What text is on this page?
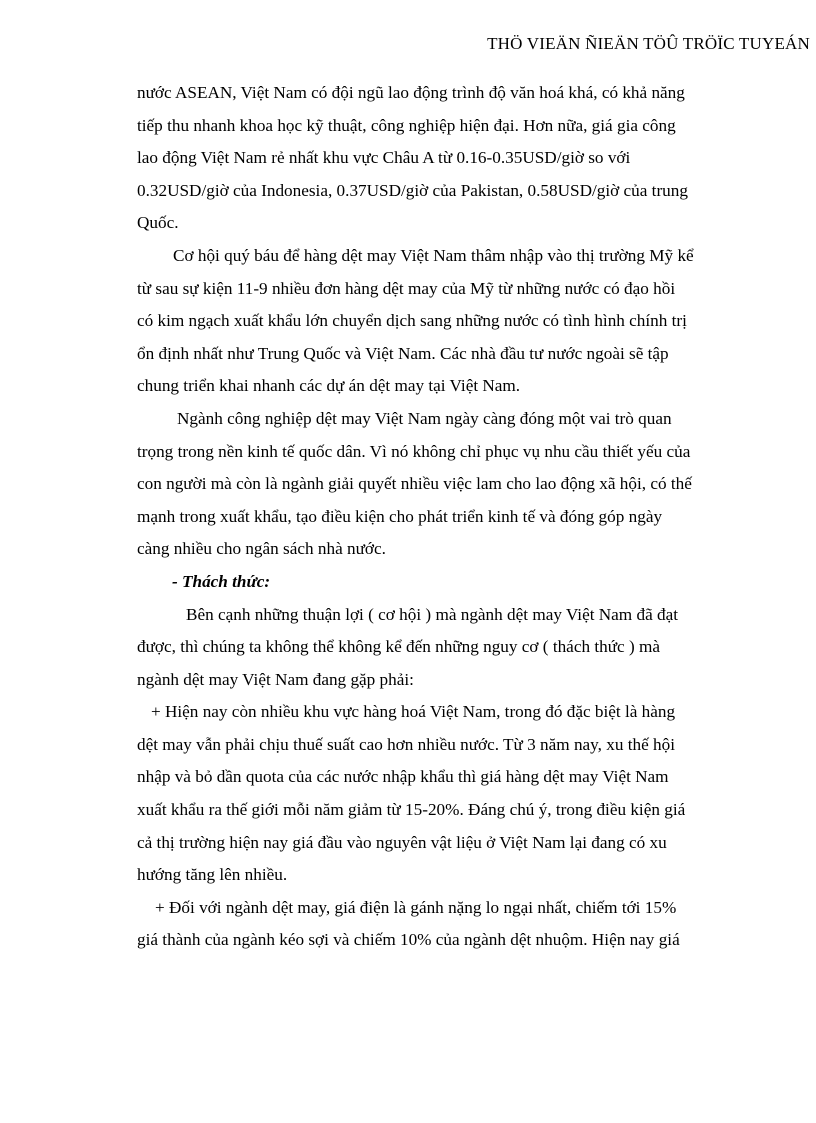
THÖ VIEÄN ÑIEÄN TÖÛ TRÖÏC TUYEÁN
nước ASEAN, Việt Nam có đội ngũ lao động trình độ văn hoá khá, có khả năng
tiếp thu nhanh khoa học kỹ thuật, công nghiệp hiện đại. Hơn nữa, giá gia công
lao động Việt Nam rẻ nhất khu vực Châu A từ 0.16-0.35USD/giờ so với
0.32USD/giờ của Indonesia, 0.37USD/giờ của Pakistan, 0.58USD/giờ của trung
Quốc.
Cơ hội quý báu để hàng dệt may Việt Nam thâm nhập vào thị trường Mỹ kể
từ sau sự kiện 11-9 nhiều đơn hàng dệt may của Mỹ từ những nước có đạo hồi
có kim ngạch xuất khẩu lớn chuyển dịch sang những nước có tình hình chính trị
ổn định nhất như Trung Quốc và Việt Nam. Các nhà đầu tư nước ngoài sẽ tập
chung triển khai nhanh các dự án dệt may tại Việt Nam.
Ngành công nghiệp dệt may Việt Nam ngày càng đóng một vai trò quan
trọng trong nền kinh tế quốc dân. Vì nó không chỉ phục vụ nhu cầu thiết yếu của
con người mà còn là ngành giải quyết nhiều việc lam cho lao động xã hội, có thế
mạnh trong xuất khẩu, tạo điều kiện cho phát triển kinh tế và đóng góp ngày
càng nhiều cho ngân sách nhà nước.
- Thách thức:
Bên cạnh những thuận lợi ( cơ hội ) mà ngành dệt may Việt Nam đã đạt
được, thì chúng ta không thể không kể đến những nguy cơ ( thách thức ) mà
ngành dệt may Việt Nam đang gặp phải:
+ Hiện nay còn nhiều khu vực hàng hoá Việt Nam, trong đó đặc biệt là hàng
dệt may vẫn phải chịu thuế suất cao hơn nhiều nước. Từ 3 năm nay, xu thế hội
nhập và bỏ dần quota của các nước nhập khẩu thì giá hàng dệt may Việt Nam
xuất khẩu ra thế giới mỗi năm giảm từ 15-20%. Đáng chú ý, trong điều kiện giá
cả thị trường hiện nay giá đầu vào nguyên vật liệu ở Việt Nam lại đang có xu
hướng tăng lên nhiều.
+ Đối với ngành dệt may, giá điện là gánh nặng lo ngại nhất, chiếm tới 15%
giá thành của ngành kéo sợi và chiếm 10% của ngành dệt nhuộm. Hiện nay giá
